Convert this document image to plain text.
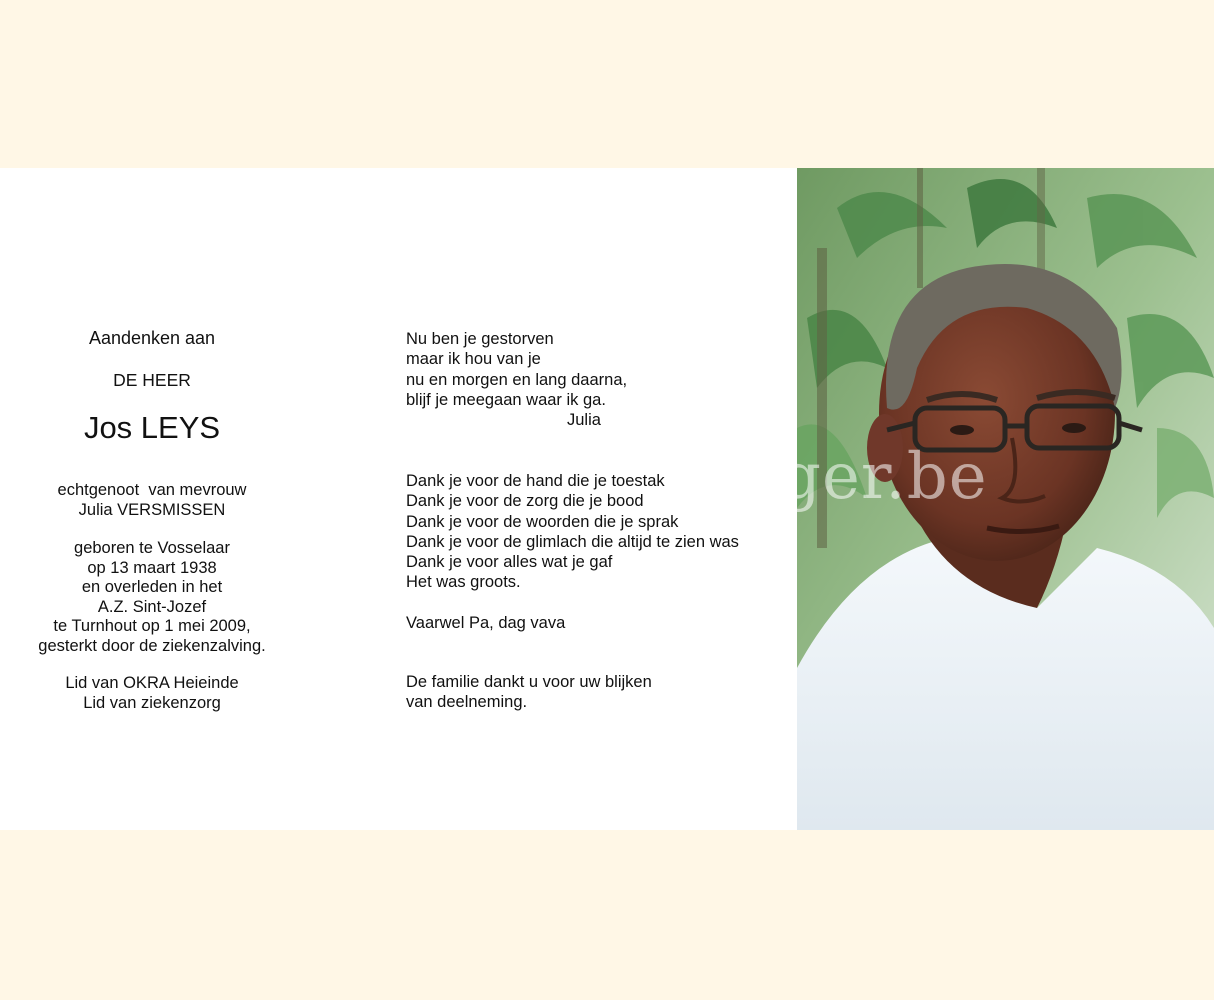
Aandenken aan
DE HEER
Jos LEYS
echtgenoot  van mevrouw
Julia VERSMISSEN
geboren te Vosselaar
op 13 maart 1938
en overleden in het
A.Z. Sint-Jozef
te Turnhout op 1 mei 2009,
gesterkt door de ziekenzalving.
Lid van OKRA Heieinde
Lid van ziekenzorg
Nu ben je gestorven
maar ik hou van je
nu en morgen en lang daarna,
blijf je meegaan waar ik ga.
Julia
Dank je voor de hand die je toestak
Dank je voor de zorg die je bood
Dank je voor de woorden die je sprak
Dank je voor de glimlach die altijd te zien was
Dank je voor alles wat je gaf
Het was groots.
Vaarwel Pa, dag vava
De familie dankt u voor uw blijken
van deelneming.
ger.be
